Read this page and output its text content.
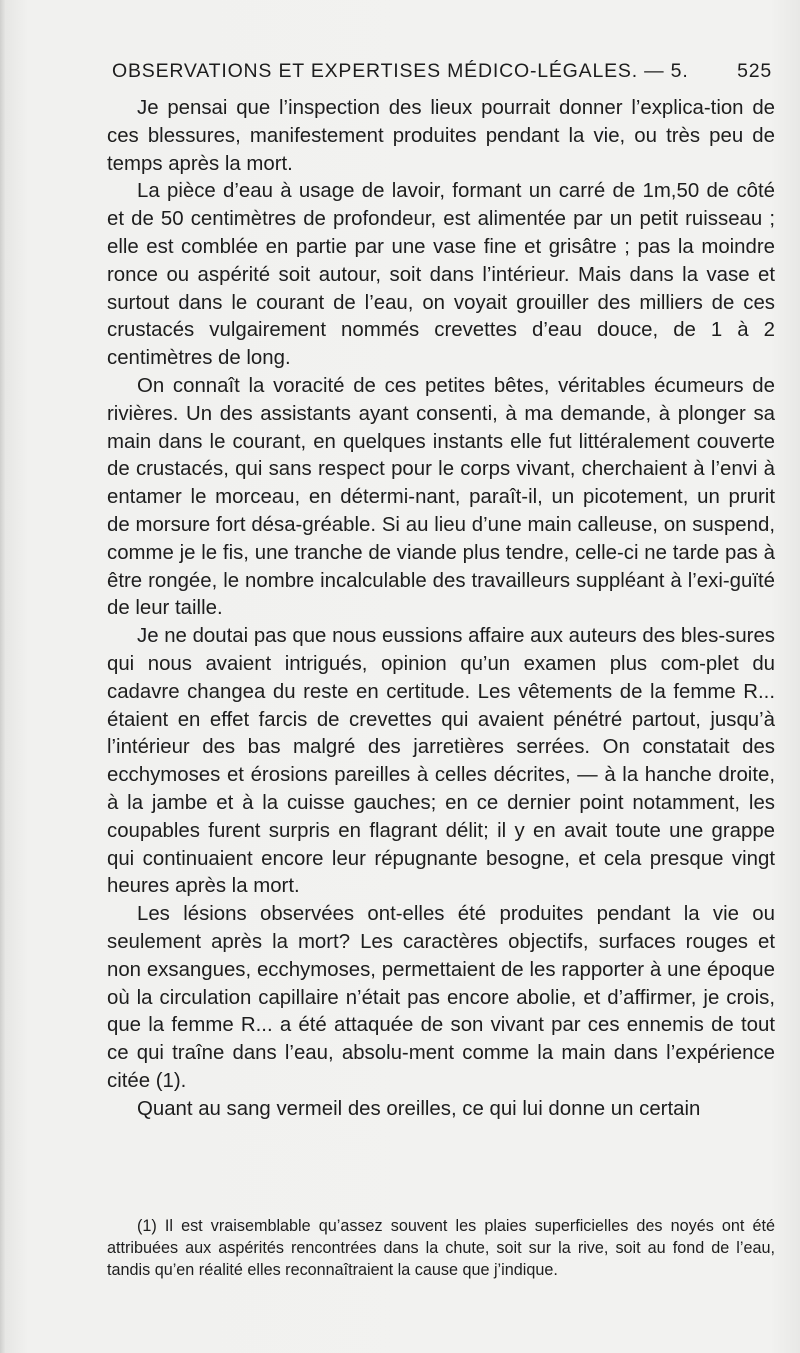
OBSERVATIONS ET EXPERTISES MÉDICO-LÉGALES. — 5. 525

Je pensai que l’inspection des lieux pourrait donner l’explica-tion de ces blessures, manifestement produites pendant la vie, ou très peu de temps après la mort.

La pièce d’eau à usage de lavoir, formant un carré de 1m,50 de côté et de 50 centimètres de profondeur, est alimentée par un petit ruisseau ; elle est comblée en partie par une vase fine et grisâtre ; pas la moindre ronce ou aspérité soit autour, soit dans l’intérieur. Mais dans la vase et surtout dans le courant de l’eau, on voyait grouiller des milliers de ces crustacés vulgairement nommés crevettes d’eau douce, de 1 à 2 centimètres de long.

On connaît la voracité de ces petites bêtes, véritables écumeurs de rivières. Un des assistants ayant consenti, à ma demande, à plonger sa main dans le courant, en quelques instants elle fut littéralement couverte de crustacés, qui sans respect pour le corps vivant, cherchaient à l’envi à entamer le morceau, en détermi-nant, paraît-il, un picotement, un prurit de morsure fort désa-gréable. Si au lieu d’une main calleuse, on suspend, comme je le fis, une tranche de viande plus tendre, celle-ci ne tarde pas à être rongée, le nombre incalculable des travailleurs suppléant à l’exi-guïté de leur taille.

Je ne doutai pas que nous eussions affaire aux auteurs des bles-sures qui nous avaient intrigués, opinion qu’un examen plus com-plet du cadavre changea du reste en certitude. Les vêtements de la femme R... étaient en effet farcis de crevettes qui avaient pénétré partout, jusqu’à l’intérieur des bas malgré des jarretières serrées. On constatait des ecchymoses et érosions pareilles à celles décrites, — à la hanche droite, à la jambe et à la cuisse gauches; en ce dernier point notamment, les coupables furent surpris en flagrant délit; il y en avait toute une grappe qui continuaient encore leur répugnante besogne, et cela presque vingt heures après la mort.

Les lésions observées ont-elles été produites pendant la vie ou seulement après la mort? Les caractères objectifs, surfaces rouges et non exsangues, ecchymoses, permettaient de les rapporter à une époque où la circulation capillaire n’était pas encore abolie, et d’affirmer, je crois, que la femme R... a été attaquée de son vivant par ces ennemis de tout ce qui traîne dans l’eau, absolu-ment comme la main dans l’expérience citée (1).

Quant au sang vermeil des oreilles, ce qui lui donne un certain

(1) Il est vraisemblable qu’assez souvent les plaies superficielles des noyés ont été attribuées aux aspérités rencontrées dans la chute, soit sur la rive, soit au fond de l’eau, tandis qu’en réalité elles reconnaîtraient la cause que j’indique.
